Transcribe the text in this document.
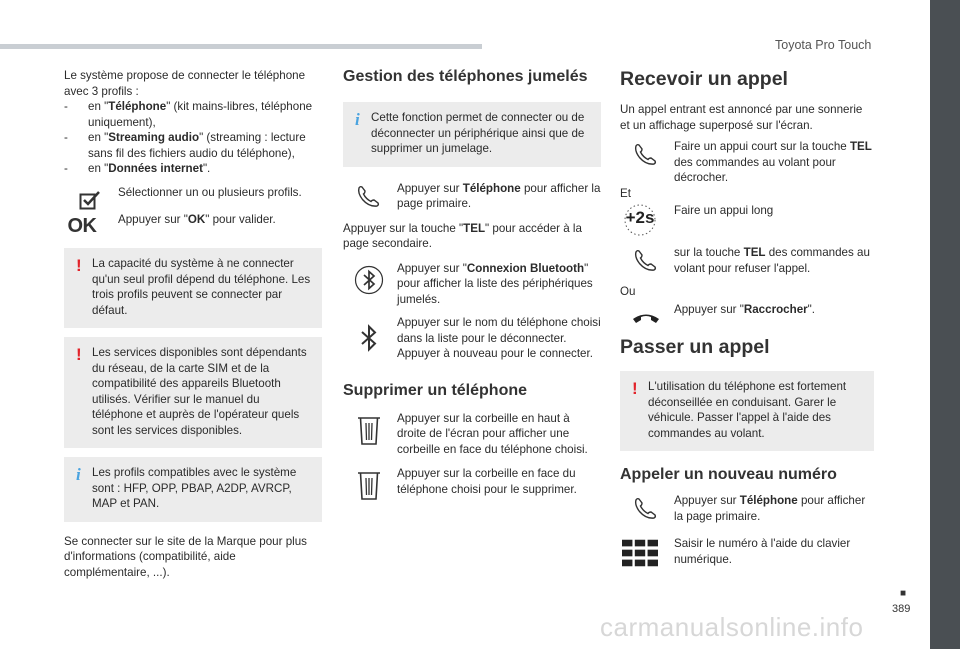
Toyota Pro Touch
■
389
carmanualsonline.info

Le système propose de connecter le téléphone avec 3 profils :

- en "Téléphone" (kit mains-libres, téléphone uniquement),
- en "Streaming audio" (streaming : lecture sans fil des fichiers audio du téléphone),
- en "Données internet".
Sélectionner un ou plusieurs profils.
OK	Appuyer sur "OK" pour valider.
! La capacité du système à ne connecter qu'un seul profil dépend du téléphone. Les trois profils peuvent se connecter par défaut.
! Les services disponibles sont dépendants du réseau, de la carte SIM et de la compatibilité des appareils Bluetooth utilisés. Vérifier sur le manuel du téléphone et auprès de l'opérateur quels sont les services disponibles.
i Les profils compatibles avec le système sont : HFP, OPP, PBAP, A2DP, AVRCP, MAP et PAN.

Se connecter sur le site de la Marque pour plus d'informations (compatibilité, aide complémentaire, ...).

Gestion des téléphones jumelés
i Cette fonction permet de connecter ou de déconnecter un périphérique ainsi que de supprimer un jumelage.
Appuyer sur Téléphone pour afficher la page primaire.

Appuyer sur la touche "TEL" pour accéder à la page secondaire.

Appuyer sur "Connexion Bluetooth" pour afficher la liste des périphériques jumelés.
Appuyer sur le nom du téléphone choisi dans la liste pour le déconnecter.
Appuyer à nouveau pour le connecter.
Supprimer un téléphone
Appuyer sur la corbeille en haut à droite de l'écran pour afficher une corbeille en face du téléphone choisi.
Appuyer sur la corbeille en face du téléphone choisi pour le supprimer.
Recevoir un appel

Un appel entrant est annoncé par une sonnerie et un affichage superposé sur l'écran.

Faire un appui court sur la touche TEL des commandes au volant pour décrocher.

Et

+2s	Faire un appui long
sur la touche TEL des commandes au volant pour refuser l'appel.

Ou

Appuyer sur "Raccrocher".
Passer un appel
! L'utilisation du téléphone est fortement déconseillée en conduisant. Garer le véhicule. Passer l'appel à l'aide des commandes au volant.
Appeler un nouveau numéro
Appuyer sur Téléphone pour afficher la page primaire.
Saisir le numéro à l'aide du clavier numérique.
